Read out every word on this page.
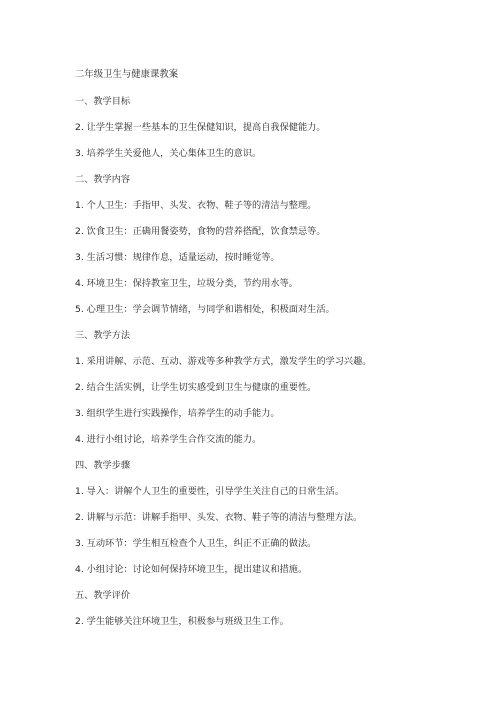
二年级卫生与健康课教案
一、教学目标
2. 让学生掌握一些基本的卫生保健知识，提高自我保健能力。
3. 培养学生关爱他人，关心集体卫生的意识。
二、教学内容
1. 个人卫生：手指甲、头发、衣物、鞋子等的清洁与整理。
2. 饮食卫生：正确用餐姿势，食物的营养搭配，饮食禁忌等。
3. 生活习惯：规律作息，适量运动，按时睡觉等。
4. 环境卫生：保持教室卫生，垃圾分类，节约用水等。
5. 心理卫生：学会调节情绪，与同学和谐相处，积极面对生活。
三、教学方法
1. 采用讲解、示范、互动、游戏等多种教学方式，激发学生的学习兴趣。
2. 结合生活实例，让学生切实感受到卫生与健康的重要性。
3. 组织学生进行实践操作，培养学生的动手能力。
4. 进行小组讨论，培养学生合作交流的能力。
四、教学步骤
1. 导入：讲解个人卫生的重要性，引导学生关注自己的日常生活。
2. 讲解与示范：讲解手指甲、头发、衣物、鞋子等的清洁与整理方法。
3. 互动环节：学生相互检查个人卫生，纠正不正确的做法。
4. 小组讨论：讨论如何保持环境卫生，提出建议和措施。
五、教学评价
2. 学生能够关注环境卫生，积极参与班级卫生工作。
